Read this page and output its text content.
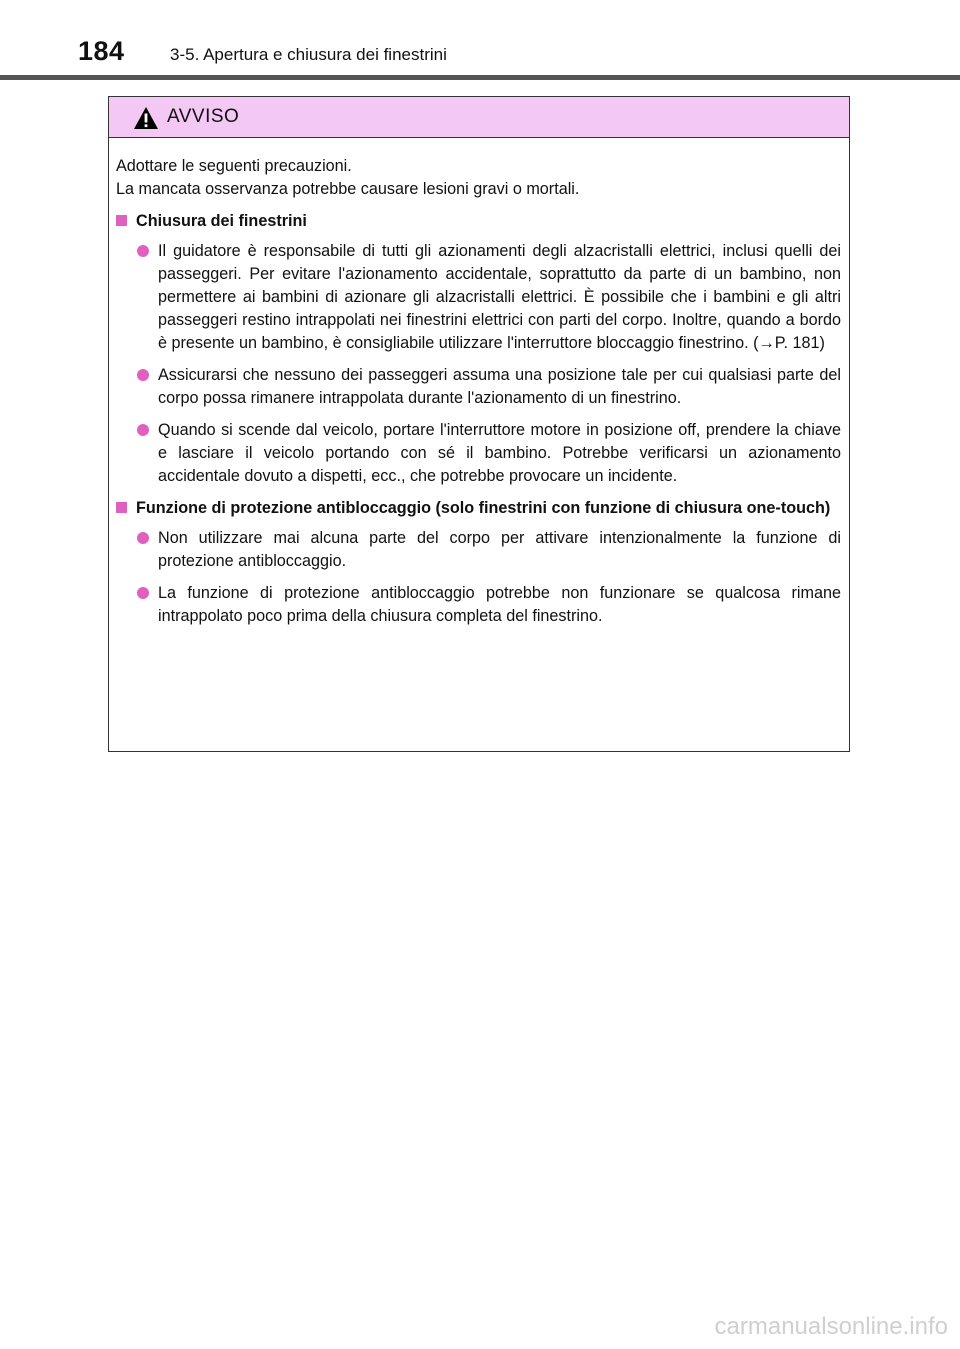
184	3-5. Apertura e chiusura dei finestrini
AVVISO
Adottare le seguenti precauzioni.
La mancata osservanza potrebbe causare lesioni gravi o mortali.
Chiusura dei finestrini
Il guidatore è responsabile di tutti gli azionamenti degli alzacristalli elettrici, inclusi quelli dei passeggeri. Per evitare l'azionamento accidentale, soprattutto da parte di un bambino, non permettere ai bambini di azionare gli alzacristalli elettrici. È possibile che i bambini e gli altri passeggeri restino intrappolati nei finestrini elettrici con parti del corpo. Inoltre, quando a bordo è presente un bambino, è consigliabile utilizzare l'interruttore bloccaggio finestrino. (→P. 181)
Assicurarsi che nessuno dei passeggeri assuma una posizione tale per cui qualsiasi parte del corpo possa rimanere intrappolata durante l'azionamento di un finestrino.
Quando si scende dal veicolo, portare l'interruttore motore in posizione off, prendere la chiave e lasciare il veicolo portando con sé il bambino. Potrebbe verificarsi un azionamento accidentale dovuto a dispetti, ecc., che potrebbe provocare un incidente.
Funzione di protezione antibloccaggio (solo finestrini con funzione di chiusura one-touch)
Non utilizzare mai alcuna parte del corpo per attivare intenzionalmente la funzione di protezione antibloccaggio.
La funzione di protezione antibloccaggio potrebbe non funzionare se qualcosa rimane intrappolato poco prima della chiusura completa del finestrino.
carmanualsonline.info
